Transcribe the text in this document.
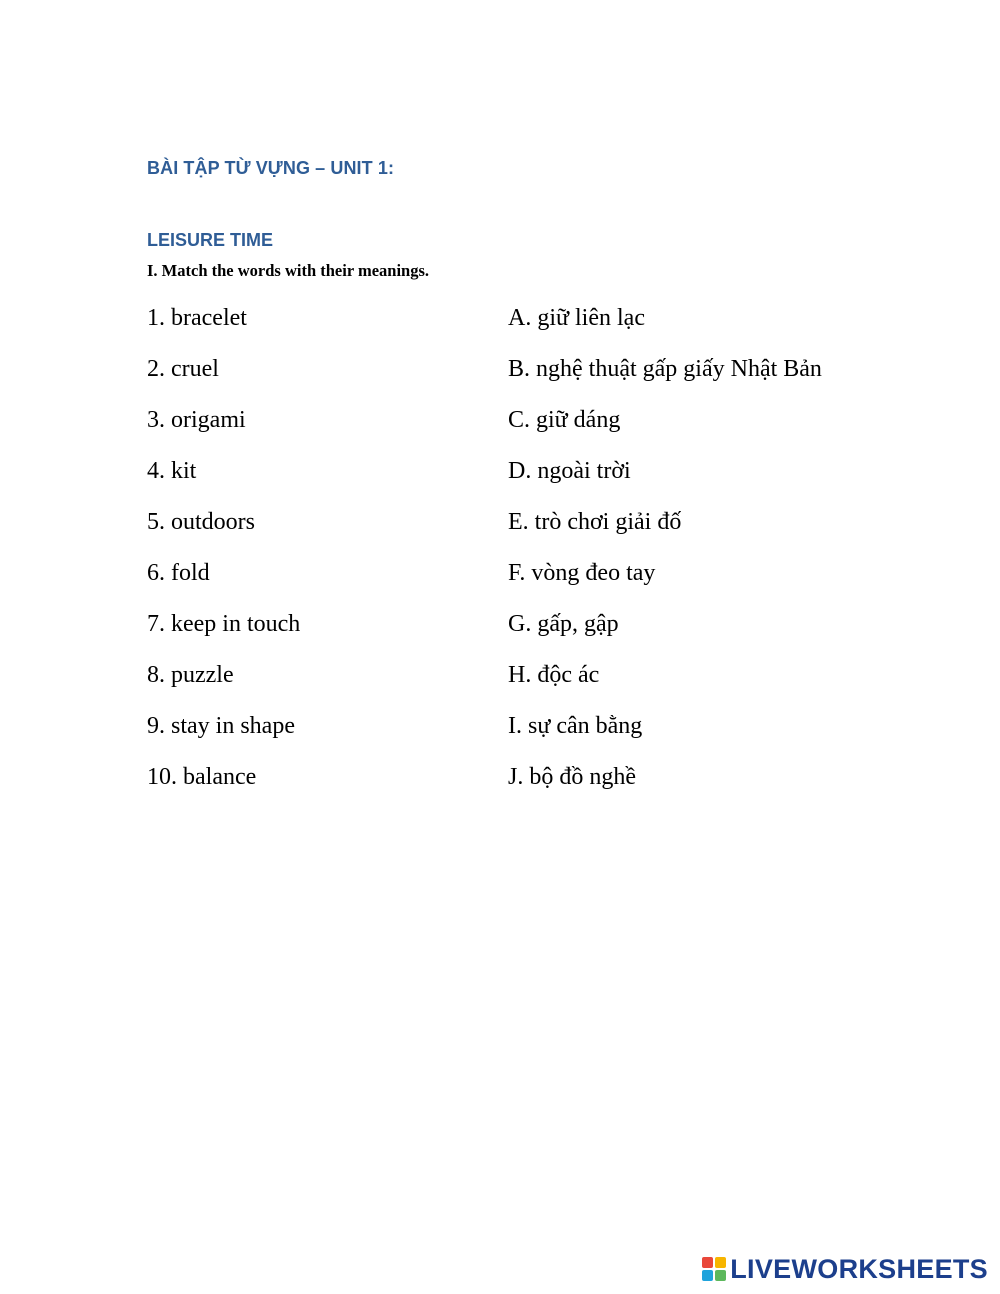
BÀI TẬP TỪ VỰNG – UNIT 1:
LEISURE TIME
I. Match the words with their meanings.
1. bracelet	A. giữ liên lạc
2. cruel	B. nghệ thuật gấp giấy Nhật Bản
3. origami	C. giữ dáng
4. kit	D. ngoài trời
5. outdoors	E. trò chơi giải đố
6. fold	F. vòng đeo tay
7. keep in touch	G. gấp, gập
8. puzzle	H. độc ác
9. stay in shape	I. sự cân bằng
10. balance	J. bộ đồ nghề
LIVEWORKSHEETS
